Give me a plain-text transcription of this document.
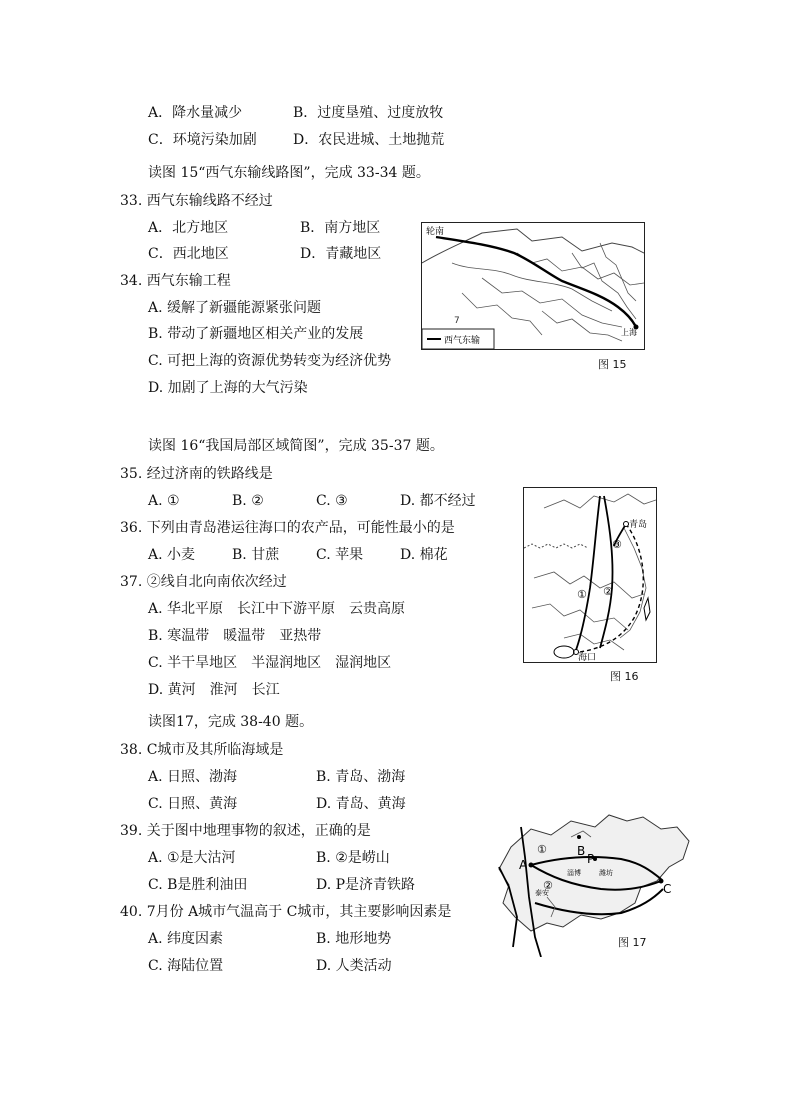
A．降水量减少	B．过度垦殖、过度放牧
C．环境污染加剧	D．农民进城、土地抛荒
读图 15“西气东输线路图”，完成 33-34 题。
33. 西气东输线路不经过
A．北方地区	B．南方地区
C．西北地区	D．青藏地区
34. 西气东输工程
A. 缓解了新疆能源紧张问题
B. 带动了新疆地区相关产业的发展
C. 可把上海的资源优势转变为经济优势
D. 加剧了上海的大气污染
7
轮南
上海
西气东输
图 15
读图 16“我国局部区域简图”，完成 35-37 题。
35. 经过济南的铁路线是
A. ①	B. ②	C. ③	D. 都不经过
36. 下列由青岛港运往海口的农产品，可能性最小的是
A. 小麦	B. 甘蔗	C. 苹果	D. 棉花
37. ②线自北向南依次经过
A. 华北平原　长江中下游平原　云贵高原
B. 寒温带　暖温带　亚热带
C. 半干旱地区　半湿润地区　湿润地区
D. 黄河　淮河　长江
青岛
海口
① ②
③
图 16
读图17，完成 38-40 题。
38. C城市及其所临海域是
A. 日照、渤海	B. 青岛、渤海
C. 日照、黄海	D. 青岛、黄海
39. 关于图中地理事物的叙述，正确的是
A. ①是大沽河	B. ②是崂山
C. B是胜利油田	D. P是济青铁路
40. 7月份 A城市气温高于 C城市，其主要影响因素是
A. 纬度因素	B. 地形地势
C. 海陆位置	D. 人类活动
A
B
P
C
①
②
淄博	潍坊
泰安
图 17
